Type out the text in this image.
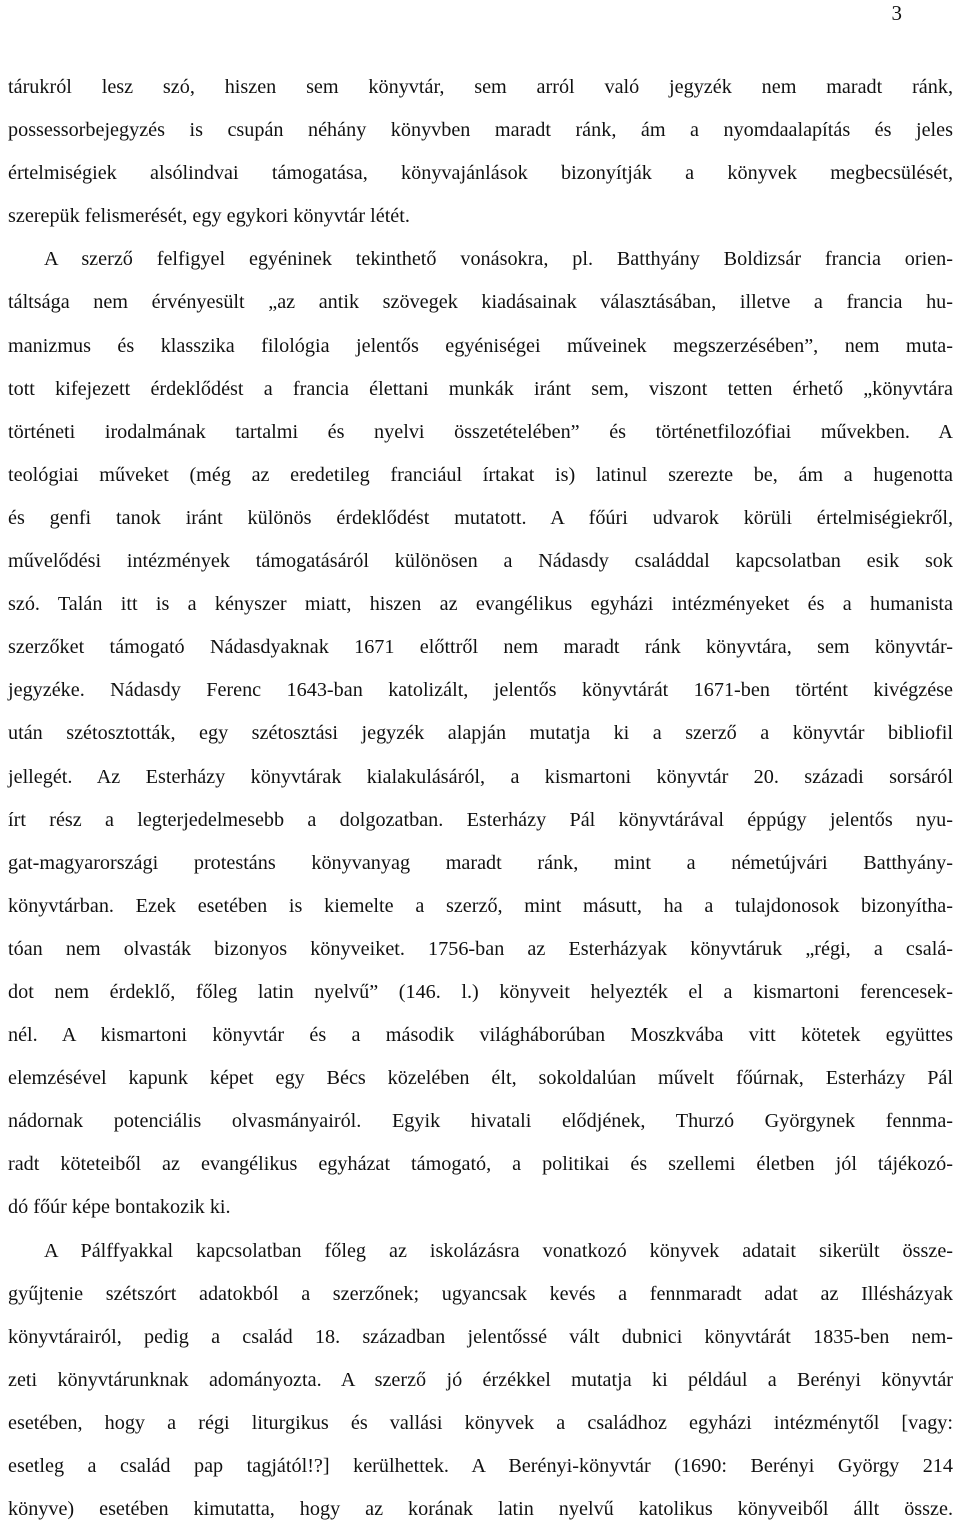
3
tárukról lesz szó, hiszen sem könyvtár, sem arról való jegyzék nem maradt ránk,
possessorbejegyzés is csupán néhány könyvben maradt ránk, ám a nyomdaalapítás és jeles
értelmiségiek alsólindvai támogatása, könyvajánlások bizonyítják a könyvek megbecsülését,
szerepük felismerését, egy egykori könyvtár létét.
A szerző felfigyel egyéninek tekinthető vonásokra, pl. Batthyány Boldizsár francia orien-
táltsága nem érvényesült „az antik szövegek kiadásainak választásában, illetve a francia hu-
manizmus és klasszika filológia jelentős egyéniségei műveinek megszerzésében”, nem muta-
tott kifejezett érdeklődést a francia élettani munkák iránt sem, viszont tetten érhető „könyvtára
történeti irodalmának tartalmi és nyelvi összetételében” és történetfilozófiai művekben. A
teológiai műveket (még az eredetileg franciául írtakat is) latinul szerezte be, ám a hugenotta
és genfi tanok iránt különös érdeklődést mutatott. A főúri udvarok körüli értelmiségiekről,
művelődési intézmények támogatásáról különösen a Nádasdy családdal kapcsolatban esik sok
szó. Talán itt is a kényszer miatt, hiszen az evangélikus egyházi intézményeket és a humanista
szerzőket támogató Nádasdyaknak 1671 előttről nem maradt ránk könyvtára, sem könyvtár-
jegyzéke. Nádasdy Ferenc 1643-ban katolizált, jelentős könyvtárát 1671-ben történt kivégzése
után szétosztották, egy szétosztási jegyzék alapján mutatja ki a szerző a könyvtár bibliofil
jellegét. Az Esterházy könyvtárak kialakulásáról, a kismartoni könyvtár 20. századi sorsáról
írt rész a legterjedelmesebb a dolgozatban. Esterházy Pál könyvtárával éppúgy jelentős nyu-
gat-magyarországi protestáns könyvanyag maradt ránk, mint a németújvári Batthyány-
könyvtárban. Ezek esetében is kiemelte a szerző, mint másutt, ha a tulajdonosok bizonyítha-
tóan nem olvasták bizonyos könyveiket. 1756-ban az Esterházyak könyvtáruk „régi, a csalá-
dot nem érdeklő, főleg latin nyelvű” (146. l.) könyveit helyezték el a kismartoni ferencesek-
nél. A kismartoni könyvtár és a második világháborúban Moszkvába vitt kötetek együttes
elemzésével kapunk képet egy Bécs közelében élt, sokoldalúan művelt főúrnak, Esterházy Pál
nádornak potenciális olvasmányairól. Egyik hivatali elődjének, Thurzó Györgynek fennma-
radt köteteiből az evangélikus egyházat támogató, a politikai és szellemi életben jól tájékozó-
dó főúr képe bontakozik ki.
A Pálffyakkal kapcsolatban főleg az iskolázásra vonatkozó könyvek adatait sikerült össze-
gyűjtenie szétszórt adatokból a szerzőnek; ugyancsak kevés a fennmaradt adat az Illésházyak
könyvtárairól, pedig a család 18. században jelentőssé vált dubnici könyvtárát 1835-ben nem-
zeti könyvtárunknak adományozta. A szerző jó érzékkel mutatja ki például a Berényi könyvtár
esetében, hogy a régi liturgikus és vallási könyvek a családhoz egyházi intézménytől [vagy:
esetleg a család pap tagjától!?] kerülhettek. A Berényi-könyvtár (1690: Berényi György 214
könyve) esetében kimutatta, hogy az korának latin nyelvű katolikus könyveiből állt össze.
